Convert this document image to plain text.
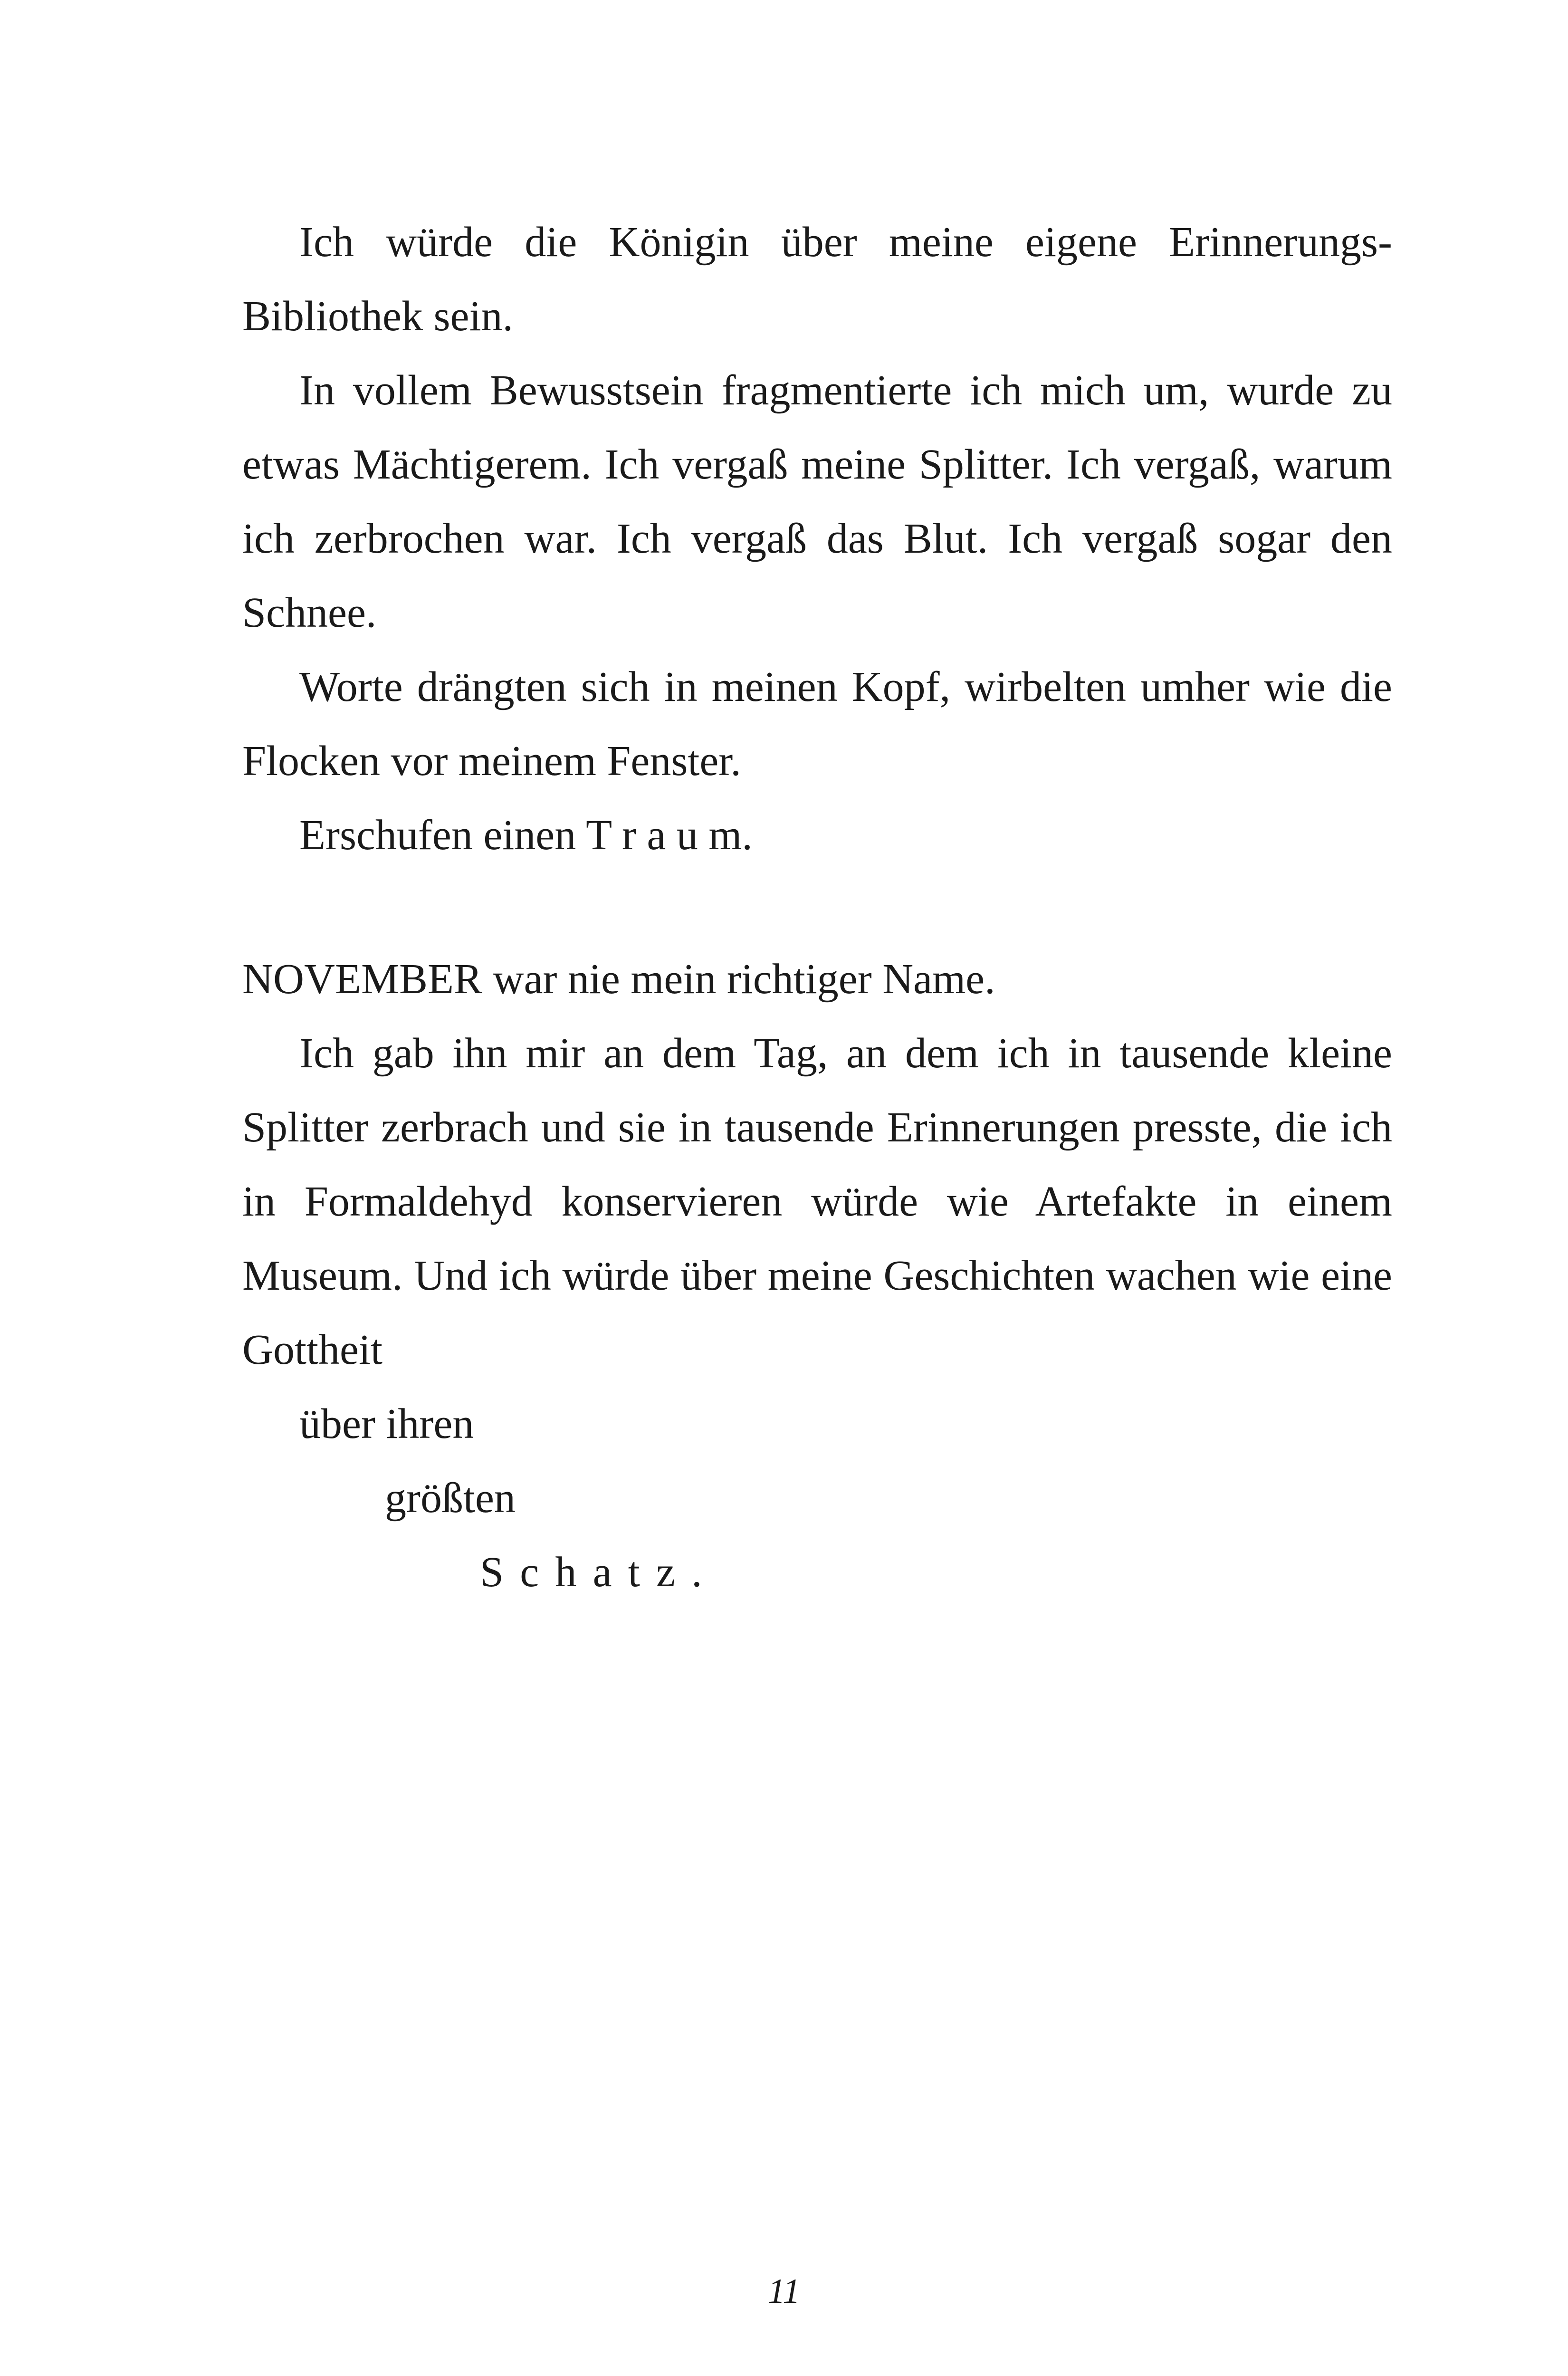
Ich würde die Königin über meine eigene Erinnerungs-Bibliothek sein.

In vollem Bewusstsein fragmentierte ich mich um, wurde zu etwas Mächtigerem. Ich vergaß meine Splitter. Ich vergaß, warum ich zerbrochen war. Ich vergaß das Blut. Ich vergaß sogar den Schnee.

Worte drängten sich in meinen Kopf, wirbelten umher wie die Flocken vor meinem Fenster.

Erschufen einen T r a u m.

NOVEMBER war nie mein richtiger Name.

Ich gab ihn mir an dem Tag, an dem ich in tausende kleine Splitter zerbrach und sie in tausende Erinnerungen presste, die ich in Formaldehyd konservieren würde wie Artefakte in einem Museum. Und ich würde über meine Geschichten wachen wie eine Gottheit

über ihren

größten

Schatz.

11
